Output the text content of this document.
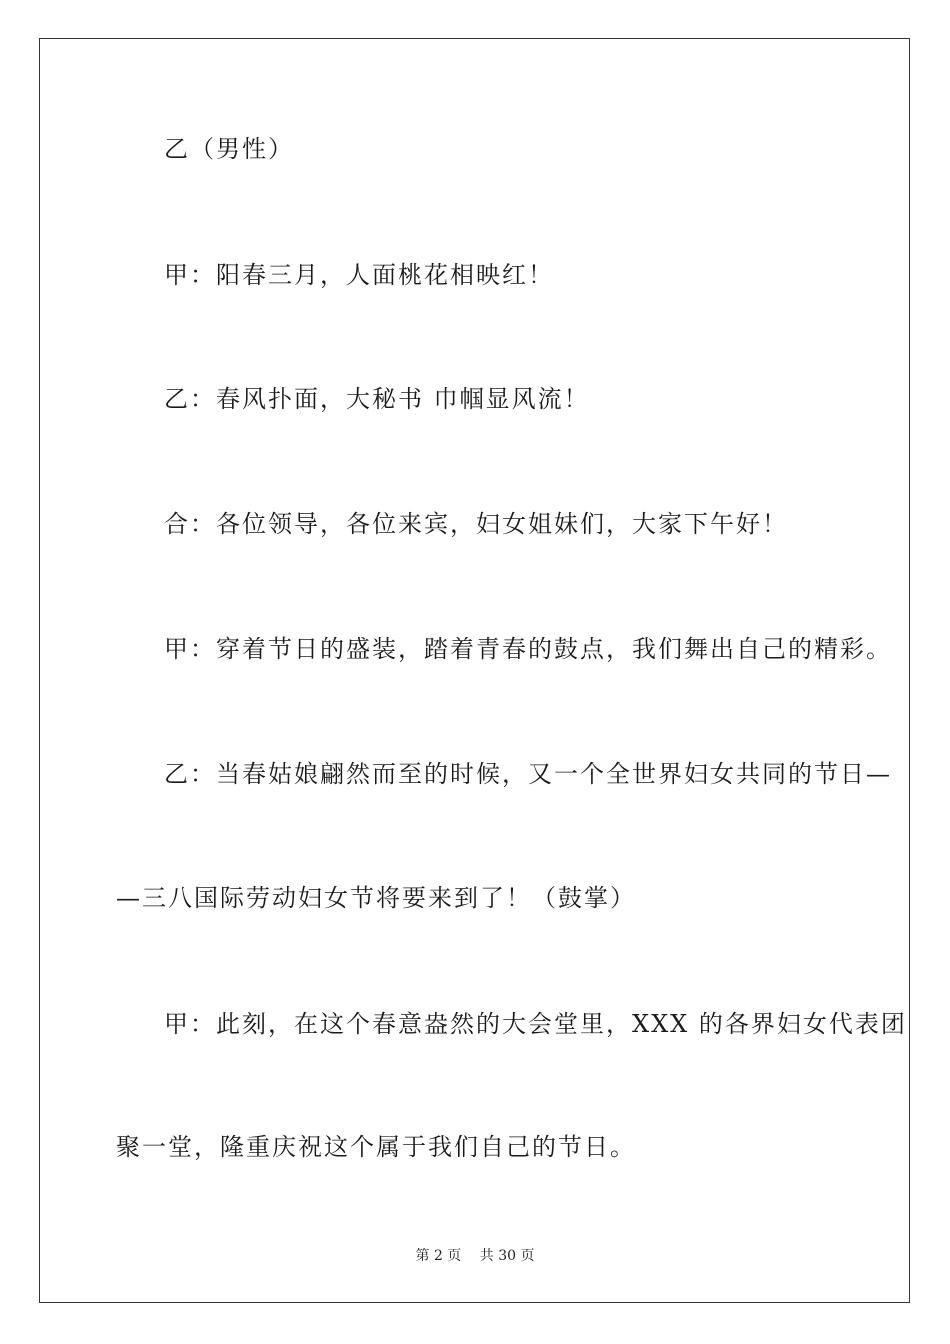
乙（男性）
甲：阳春三月，人面桃花相映红！
乙：春风扑面，大秘书 巾帼显风流！
合：各位领导，各位来宾，妇女姐妹们，大家下午好！
甲：穿着节日的盛装，踏着青春的鼓点，我们舞出自己的精彩。
乙：当春姑娘翩然而至的时候，又一个全世界妇女共同的节日—
—三八国际劳动妇女节将要来到了！（鼓掌）
甲：此刻，在这个春意盎然的大会堂里，XXX 的各界妇女代表团
聚一堂，隆重庆祝这个属于我们自己的节日。
第 2 页　 共 30 页
